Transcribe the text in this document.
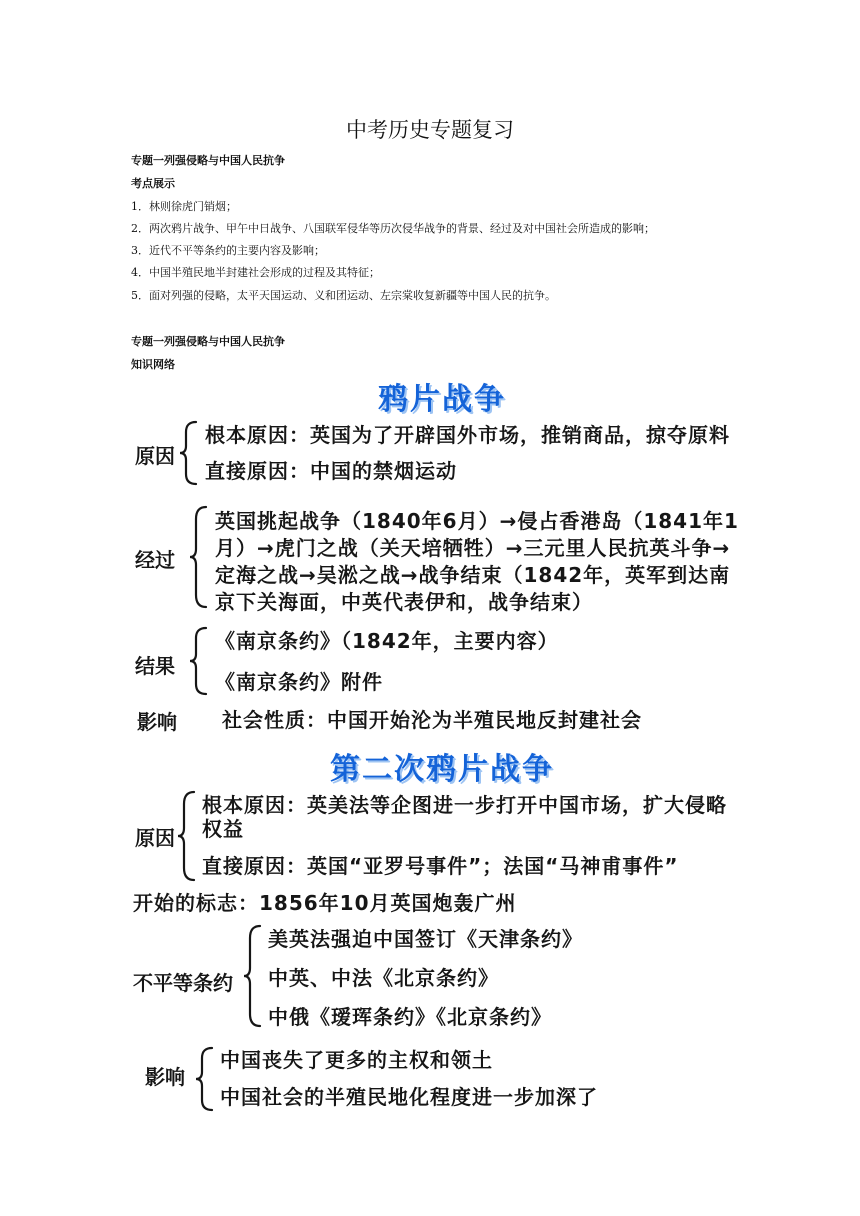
中考历史专题复习
专题一列强侵略与中国人民抗争
考点展示
1．林则徐虎门销烟；
2．两次鸦片战争、甲午中日战争、八国联军侵华等历次侵华战争的背景、经过及对中国社会所造成的影响；
3．近代不平等条约的主要内容及影响；
4．中国半殖民地半封建社会形成的过程及其特征；
5．面对列强的侵略，太平天国运动、义和团运动、左宗棠收复新疆等中国人民的抗争。
专题一列强侵略与中国人民抗争
知识网络
鸦片战争
原因
根本原因：英国为了开辟国外市场，推销商品，掠夺原料
直接原因：中国的禁烟运动
经过
英国挑起战争（1840年6月）→侵占香港岛（1841年1
月）→虎门之战（关天培牺牲）→三元里人民抗英斗争→
定海之战→吴淞之战→战争结束（1842年，英军到达南
京下关海面，中英代表伊和，战争结束）
结果
《南京条约》（1842年，主要内容）
《南京条约》附件
影响 社会性质：中国开始沦为半殖民地反封建社会
第二次鸦片战争
原因
根本原因：英美法等企图进一步打开中国市场，扩大侵略
权益
直接原因：英国“亚罗号事件”；法国“马神甫事件”
开始的标志：1856年10月英国炮轰广州
不平等条约
美英法强迫中国签订《天津条约》
中英、中法《北京条约》
中俄《瑷珲条约》《北京条约》
影响
中国丧失了更多的主权和领土
中国社会的半殖民地化程度进一步加深了
